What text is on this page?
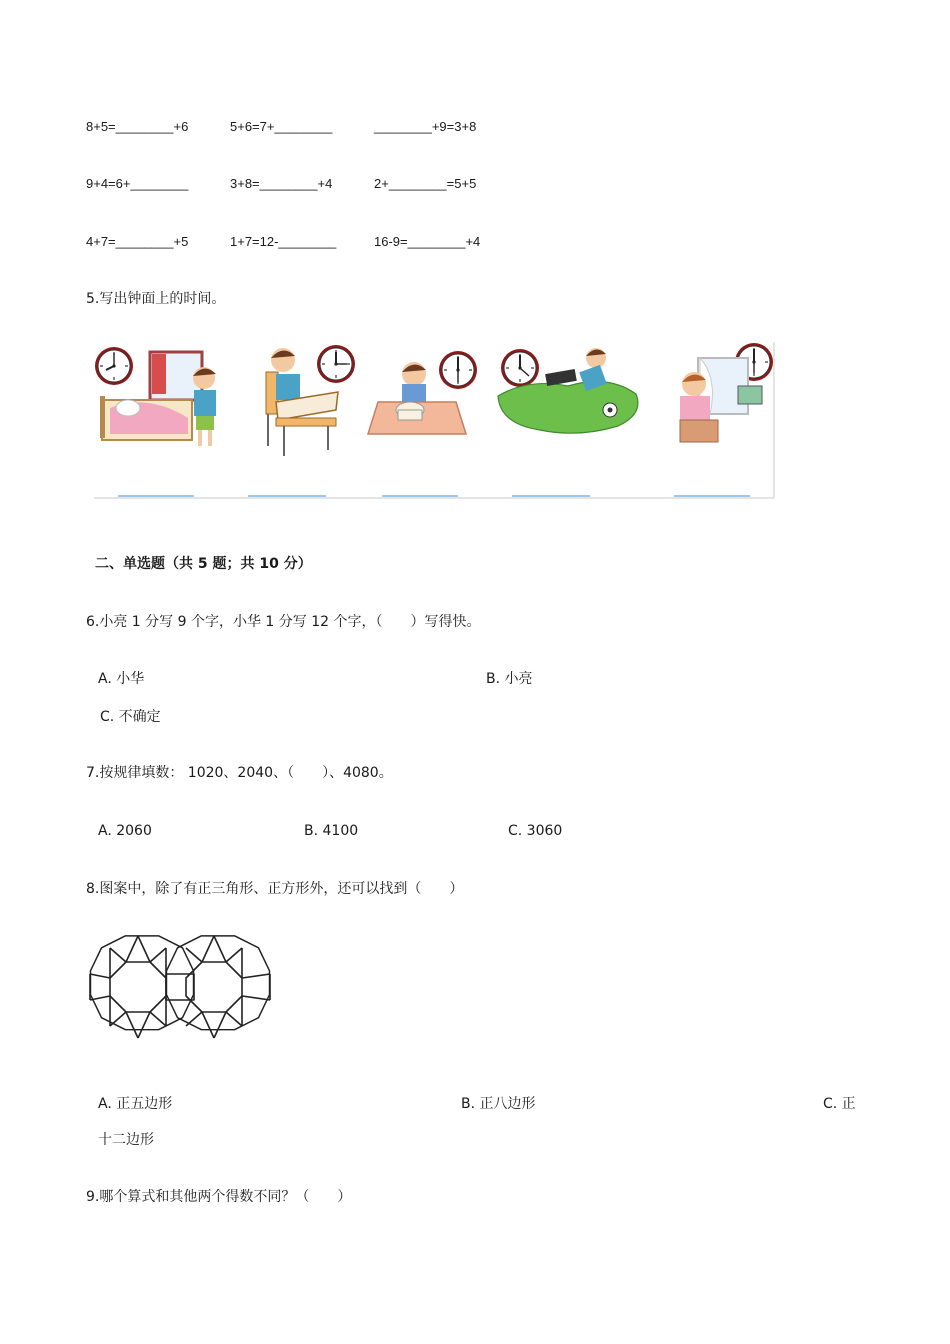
8+5=________+6	5+6=7+________	________+9=3+8
9+4=6+________	3+8=________+4	2+________=5+5
4+7=________+5	1+7=12-________	16-9=________+4
5.写出钟面上的时间。
二、单选题（共 5 题；共 10 分）
6.小亮 1 分写 9 个字，小华 1 分写 12 个字，（　　）写得快。
A. 小华	B. 小亮
C. 不确定
7.按规律填数： 1020、2040、（　　）、4080。
A. 2060	B. 4100	C. 3060
8.图案中，除了有正三角形、正方形外，还可以找到（　　）
A. 正五边形	B. 正八边形	C. 正
十二边形
9.哪个算式和其他两个得数不同？（　　）
